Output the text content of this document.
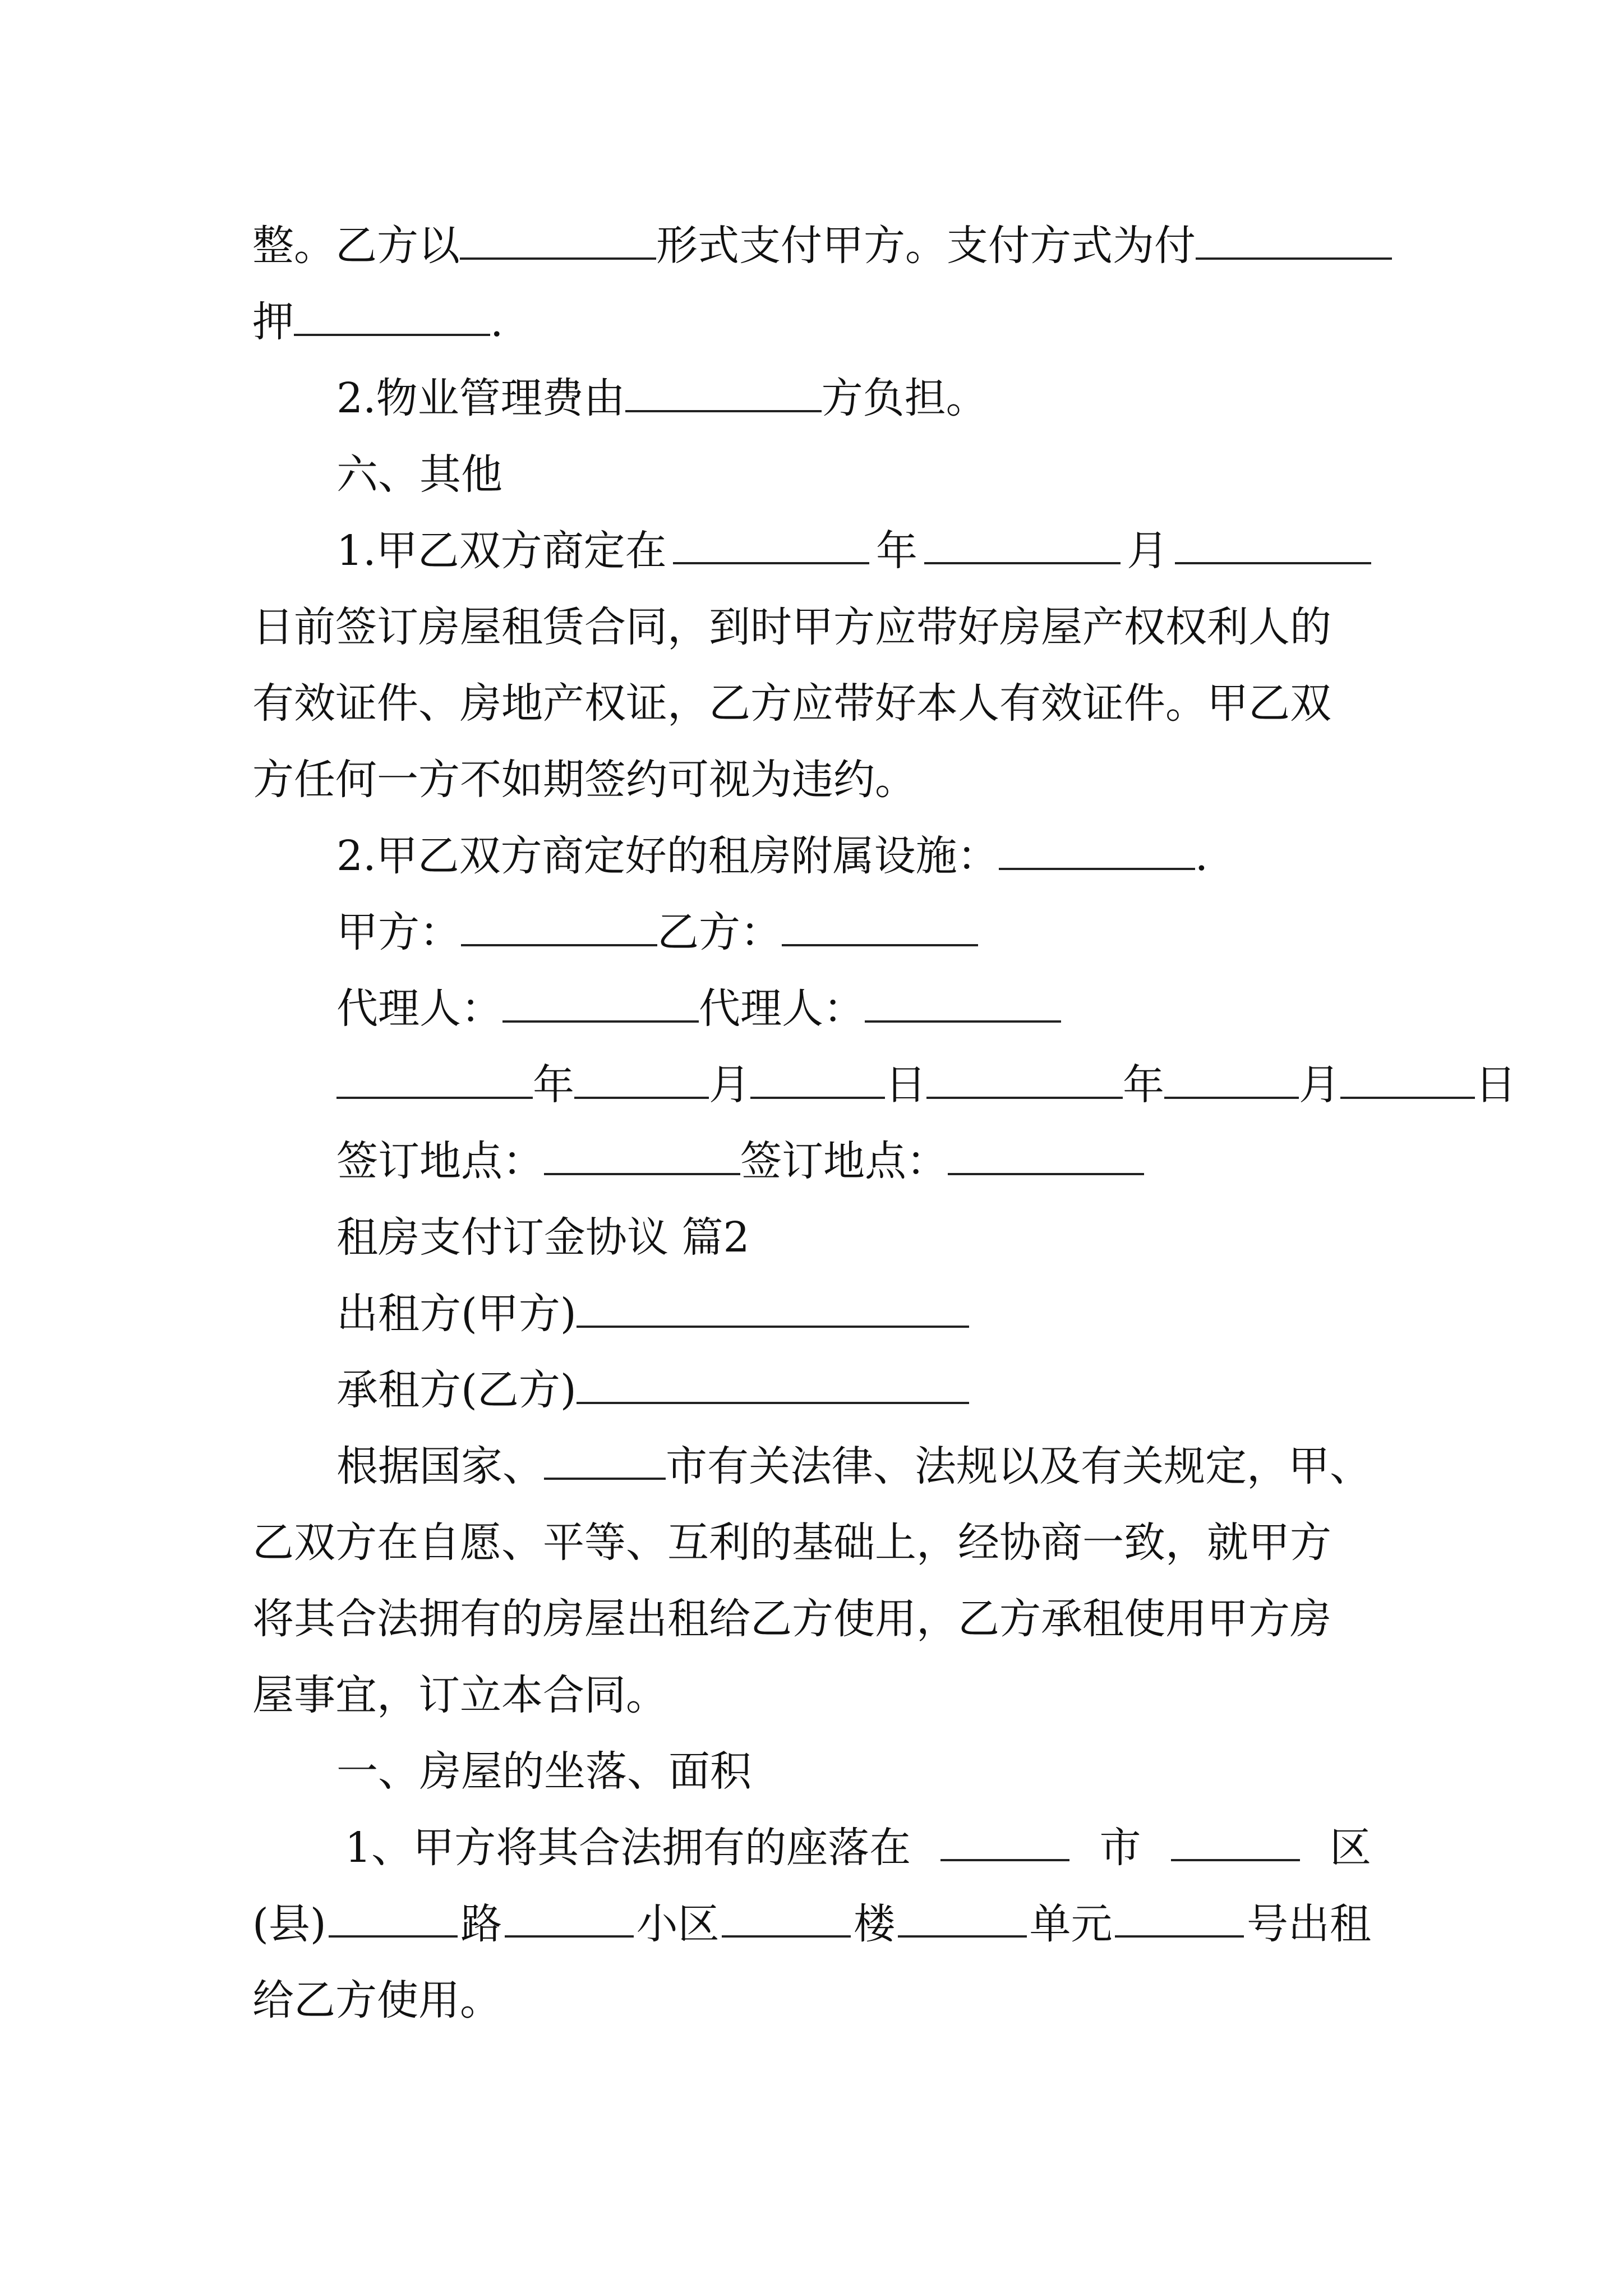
整。乙方以	形式支付甲方。支付方式为付
押	.
2.物业管理费由	方负担。
六、其他
1.甲乙双方商定在	年	月
日前签订房屋租赁合同，到时甲方应带好房屋产权权利人的
有效证件、房地产权证，乙方应带好本人有效证件。甲乙双
方任何一方不如期签约可视为违约。
2.甲乙双方商定好的租房附属设施：	.
甲方：	乙方：
代理人：	代理人：
年	月	日	年	月	日
签订地点：	签订地点：
租房支付订金协议 篇2
出租方(甲方)
承租方(乙方)
根据国家、	市有关法律、法规以及有关规定，甲、
乙双方在自愿、平等、互利的基础上，经协商一致，就甲方
将其合法拥有的房屋出租给乙方使用，乙方承租使用甲方房
屋事宜，订立本合同。
一、房屋的坐落、面积
1、甲方将其合法拥有的座落在	市	区
(县)	路	小区	楼	单元	号出租
给乙方使用。
